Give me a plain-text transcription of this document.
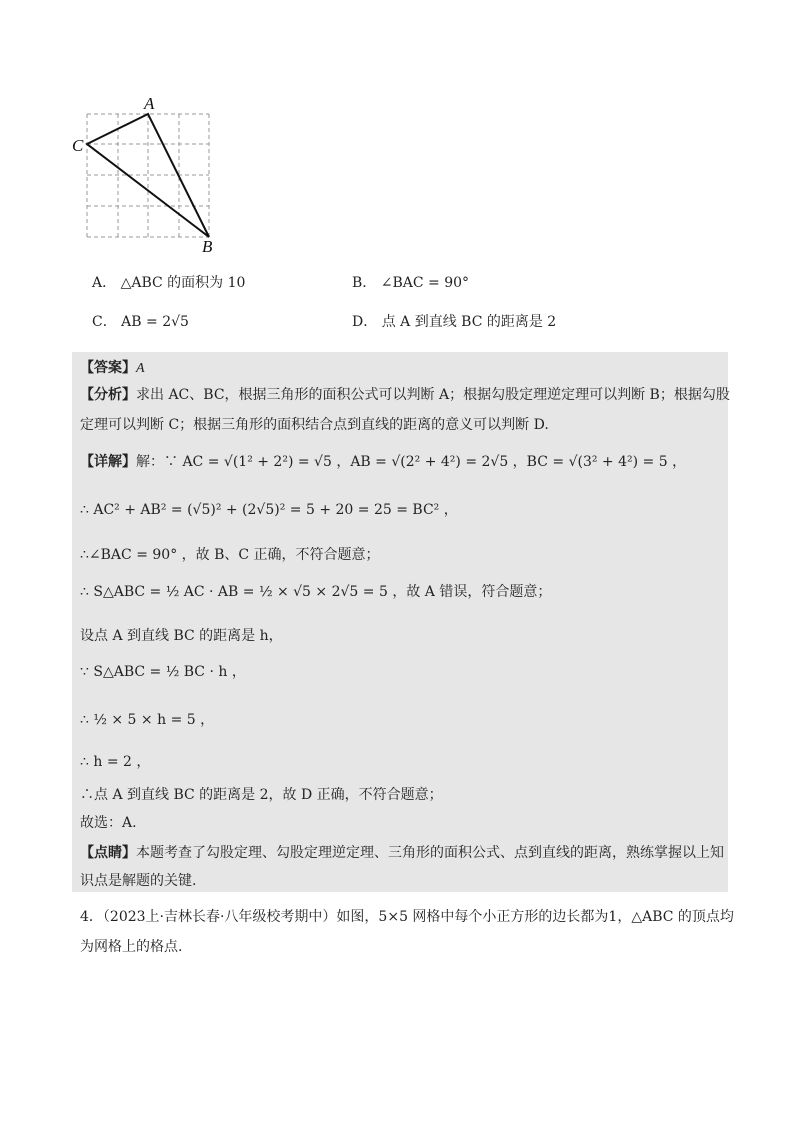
A
C
B
A． △ABC 的面积为 10	B． ∠BAC = 90°
C． AB = 2√5	D． 点 A 到直线 BC 的距离是 2
【答案】A
【分析】求出 AC、BC，根据三角形的面积公式可以判断 A；根据勾股定理逆定理可以判断 B；根据勾股
定理可以判断 C；根据三角形的面积结合点到直线的距离的意义可以判断 D.
【详解】解：∵ AC = √(1² + 2²) = √5 ，AB = √(2² + 4²) = 2√5 ，BC = √(3² + 4²) = 5 ，
∴ AC² + AB² = (√5)² + (2√5)² = 5 + 20 = 25 = BC² ，
∴∠BAC = 90° ，故 B、C 正确，不符合题意；
∴ S△ABC = ½ AC · AB = ½ × √5 × 2√5 = 5 ，故 A 错误，符合题意；
设点 A 到直线 BC 的距离是 h，
∵ S△ABC = ½ BC · h ，
∴ ½ × 5 × h = 5 ，
∴ h = 2 ，
∴点 A 到直线 BC 的距离是 2，故 D 正确，不符合题意；
故选：A.
【点睛】本题考查了勾股定理、勾股定理逆定理、三角形的面积公式、点到直线的距离，熟练掌握以上知
识点是解题的关键.
4．（2023上·吉林长春·八年级校考期中）如图，5×5 网格中每个小正方形的边长都为1，△ABC 的顶点均
为网格上的格点.
